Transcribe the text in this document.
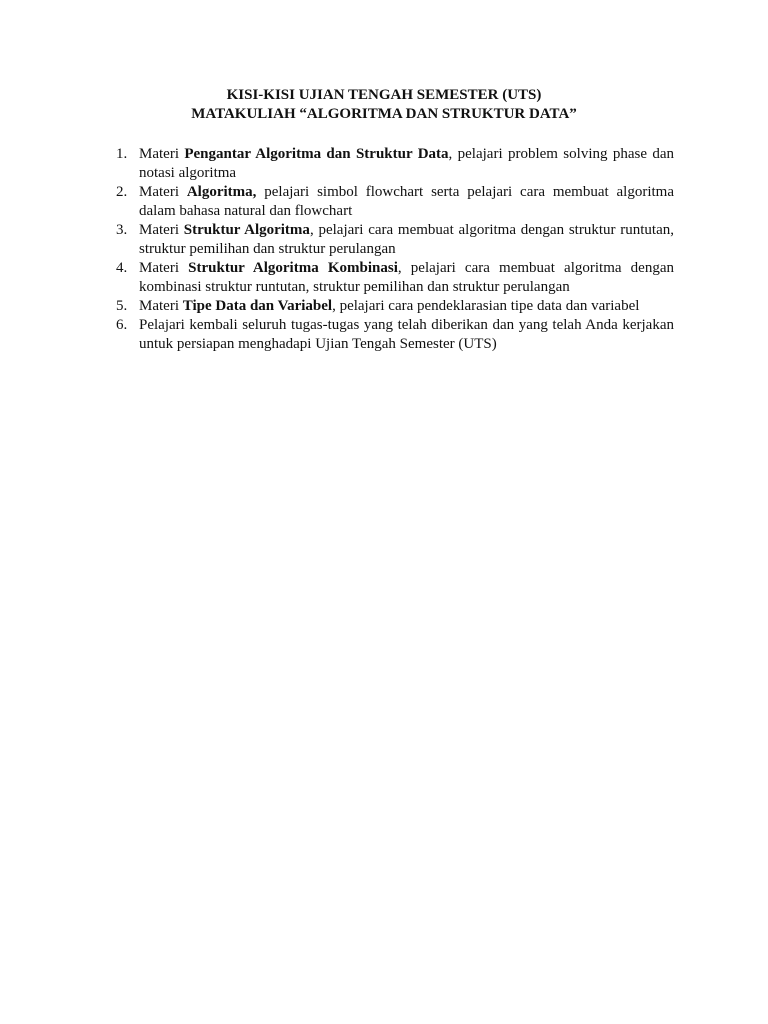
KISI-KISI UJIAN TENGAH SEMESTER (UTS)
MATAKULIAH “ALGORITMA DAN STRUKTUR DATA”
1. Materi Pengantar Algoritma dan Struktur Data, pelajari problem solving phase dan notasi algoritma
2. Materi Algoritma, pelajari simbol flowchart serta pelajari cara membuat algoritma dalam bahasa natural dan flowchart
3. Materi Struktur Algoritma, pelajari cara membuat algoritma dengan struktur runtutan, struktur pemilihan dan struktur perulangan
4. Materi Struktur Algoritma Kombinasi, pelajari cara membuat algoritma dengan kombinasi struktur runtutan, struktur pemilihan dan struktur perulangan
5. Materi Tipe Data dan Variabel, pelajari cara pendeklarasian tipe data dan variabel
6. Pelajari kembali seluruh tugas-tugas yang telah diberikan dan yang telah Anda kerjakan untuk persiapan menghadapi Ujian Tengah Semester (UTS)
